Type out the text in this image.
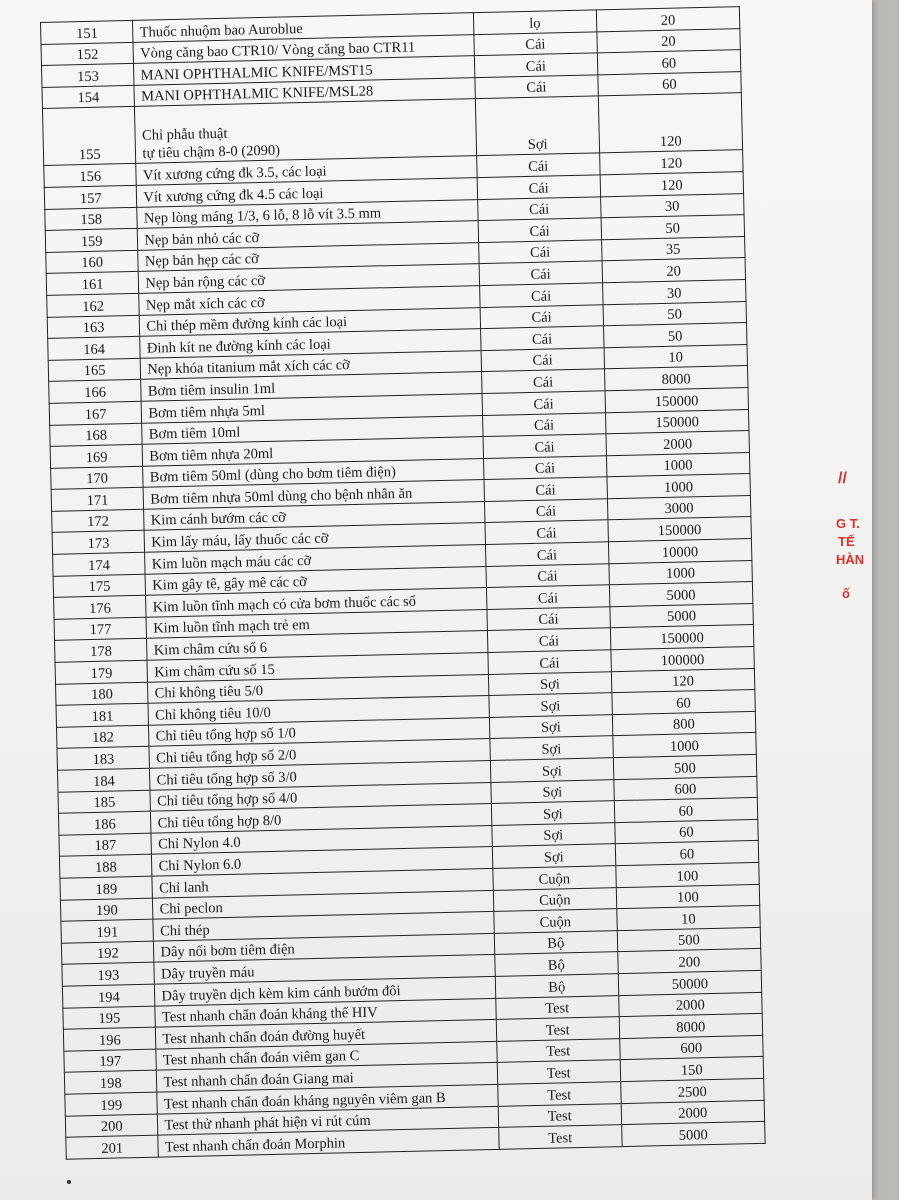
151	Thuốc nhuộm bao Auroblue	lọ	20
152	Vòng căng bao CTR10/ Vòng căng bao CTR11	Cái	20
153	MANI OPHTHALMIC KNIFE/MST15	Cái	60
154	MANI OPHTHALMIC KNIFE/MSL28	Cái	60
155	Chỉ phẫu thuật
tự tiêu chậm 8-0 (2090)	Sợi	120
156	Vít xương cứng đk 3.5, các loại	Cái	120
157	Vít xương cứng đk 4.5 các loại	Cái	120
158	Nẹp lòng máng 1/3, 6 lỗ, 8 lỗ vít 3.5 mm	Cái	30
159	Nẹp bản nhỏ các cỡ	Cái	50
160	Nẹp bản hẹp các cỡ	Cái	35
161	Nẹp bản rộng các cỡ	Cái	20
162	Nẹp mắt xích các cỡ	Cái	30
163	Chỉ thép mềm đường kính các loại	Cái	50
164	Đinh kít ne đường kính các loại	Cái	50
165	Nẹp khóa titanium mắt xích các cỡ	Cái	10
166	Bơm tiêm insulin 1ml	Cái	8000
167	Bơm tiêm nhựa 5ml	Cái	150000
168	Bơm tiêm 10ml	Cái	150000
169	Bơm tiêm nhựa 20ml	Cái	2000
170	Bơm tiêm 50ml (dùng cho bơm tiêm điện)	Cái	1000
171	Bơm tiêm nhựa 50ml dùng cho bệnh nhân ăn	Cái	1000
172	Kim cánh bướm các cỡ	Cái	3000
173	Kim lấy máu, lấy thuốc các cỡ	Cái	150000
174	Kim luồn mạch máu các cỡ	Cái	10000
175	Kim gây tê, gây mê các cỡ	Cái	1000
176	Kim luồn tĩnh mạch có cửa bơm thuốc các số	Cái	5000
177	Kim luồn tĩnh mạch trẻ em	Cái	5000
178	Kim châm cứu số 6	Cái	150000
179	Kim châm cứu số 15	Cái	100000
180	Chỉ không tiêu 5/0	Sợi	120
181	Chỉ không tiêu 10/0	Sợi	60
182	Chỉ tiêu tổng hợp số 1/0	Sợi	800
183	Chỉ tiêu tổng hợp số 2/0	Sợi	1000
184	Chỉ tiêu tổng hợp số 3/0	Sợi	500
185	Chỉ tiêu tổng hợp số 4/0	Sợi	600
186	Chỉ tiêu tổng hợp 8/0	Sợi	60
187	Chỉ Nylon 4.0	Sợi	60
188	Chỉ Nylon 6.0	Sợi	60
189	Chỉ lanh	Cuộn	100
190	Chỉ peclon	Cuộn	100
191	Chỉ thép	Cuộn	10
192	Dây nối bơm tiêm điện	Bộ	500
193	Dây truyền máu	Bộ	200
194	Dây truyền dịch kèm kim cánh bướm đôi	Bộ	50000
195	Test nhanh chẩn đoán kháng thể HIV	Test	2000
196	Test nhanh chẩn đoán đường huyết	Test	8000
197	Test nhanh chẩn đoán viêm gan C	Test	600
198	Test nhanh chẩn đoán Giang mai	Test	150
199	Test nhanh chẩn đoán kháng nguyên viêm gan B	Test	2500
200	Test thử nhanh phát hiện vi rút cúm	Test	2000
201	Test nhanh chẩn đoán Morphin	Test	5000
//
G T.
TẾ
HÀN
ố
